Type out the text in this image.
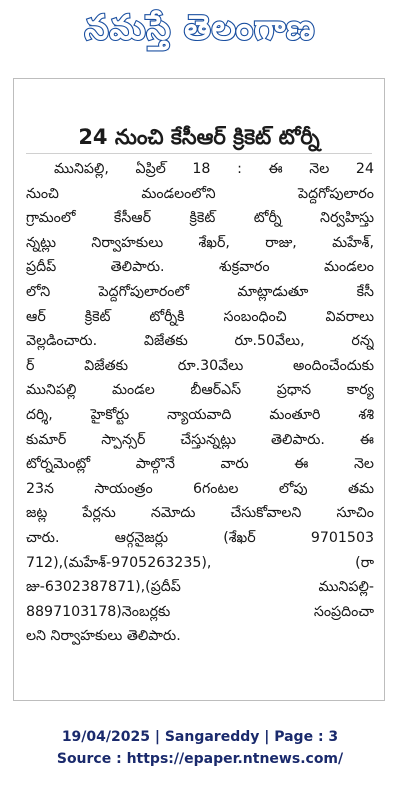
నమస్తే తెలంగాణ
24 నుంచి కేసీఆర్ క్రికెట్ టోర్నీ
మునిపల్లి, ఏప్రిల్ 18 : ఈ నెల 24
నుంచి మండలంలోని పెద్దగోపులారం
గ్రామంలో కేసీఆర్ క్రికెట్ టోర్నీ నిర్వహిస్తు
న్నట్లు నిర్వాహకులు శేఖర్, రాజు, మహేశ్,
ప్రదీప్ తెలిపారు. శుక్రవారం మండలం
లోని పెద్దగోపులారంలో మాట్లాడుతూ కేసీ
ఆర్ క్రికెట్ టోర్నీకి సంబంధించి వివరాలు
వెల్లడించారు. విజేతకు రూ.50వేలు, రన్న
ర్ విజేతకు రూ.30వేలు అందించేందుకు
మునిపల్లి మండల బీఆర్ఎస్ ప్రధాన కార్య
దర్శి, హైకోర్టు న్యాయవాది మంతూరి శశి
కుమార్ స్పాన్సర్ చేస్తున్నట్లు తెలిపారు. ఈ
టోర్నమెంట్లో పాల్గొనే వారు ఈ నెల
23న సాయంత్రం 6గంటల లోపు తమ
జట్ల పేర్లను నమోదు చేసుకోవాలని సూచిం
చారు. ఆర్గనైజర్లు (శేఖర్ 9701503
712),(మహేశ్-9705263235), (రా
జు-6302387871),(ప్రదీప్ మునిపల్లి-
8897103178)నెంబర్లకు సంప్రదించా
లని నిర్వాహకులు తెలిపారు.
19/04/2025 | Sangareddy | Page : 3
Source : https://epaper.ntnews.com/
